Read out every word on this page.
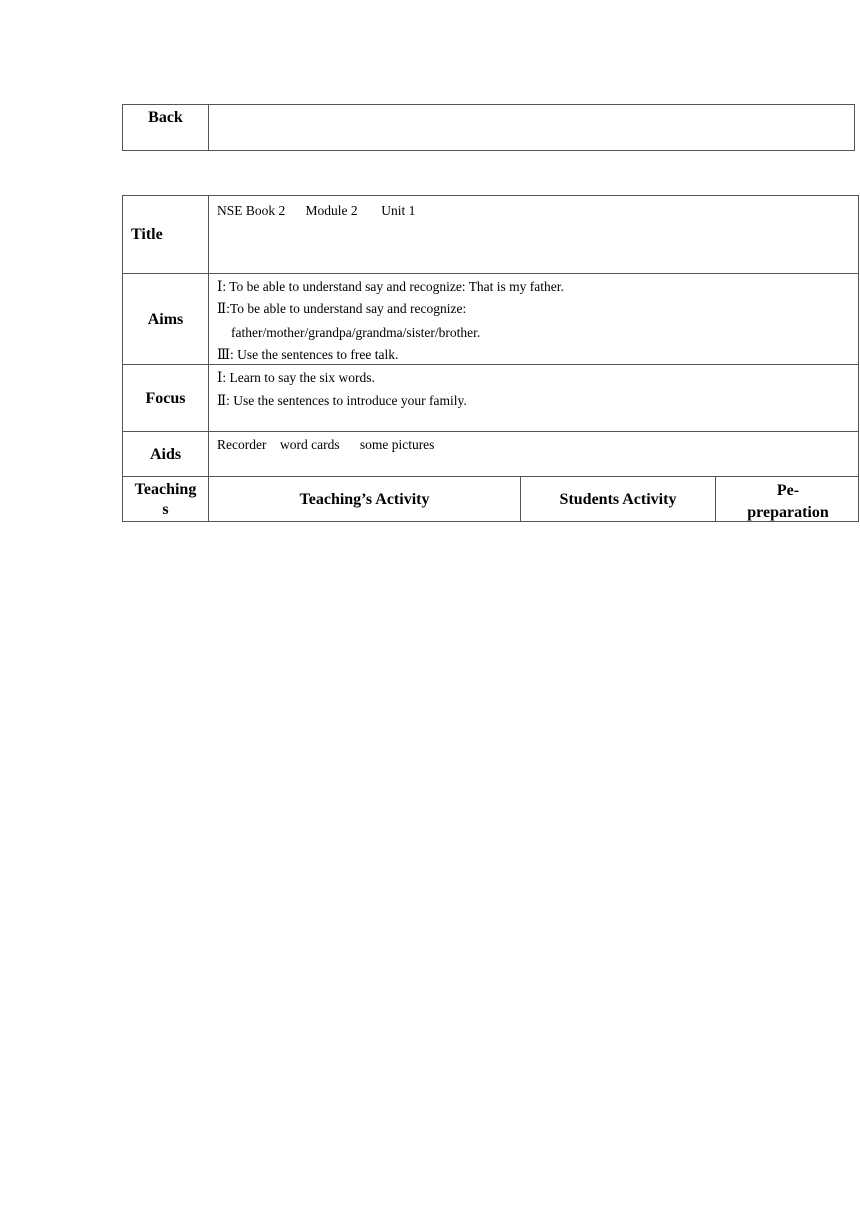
Back
Title
NSE Book 2      Module 2       Unit 1
Aims
Ⅰ: To be able to understand say and recognize: That is my father.
Ⅱ:To be able to understand say and recognize:
father/mother/grandpa/grandma/sister/brother.
Ⅲ: Use the sentences to free talk.
Focus
Ⅰ: Learn to say the six words.
Ⅱ: Use the sentences to introduce your family.
Aids
Recorder    word cards      some pictures
Teaching
s
Teaching’s Activity	Students Activity
Pe-
preparation
